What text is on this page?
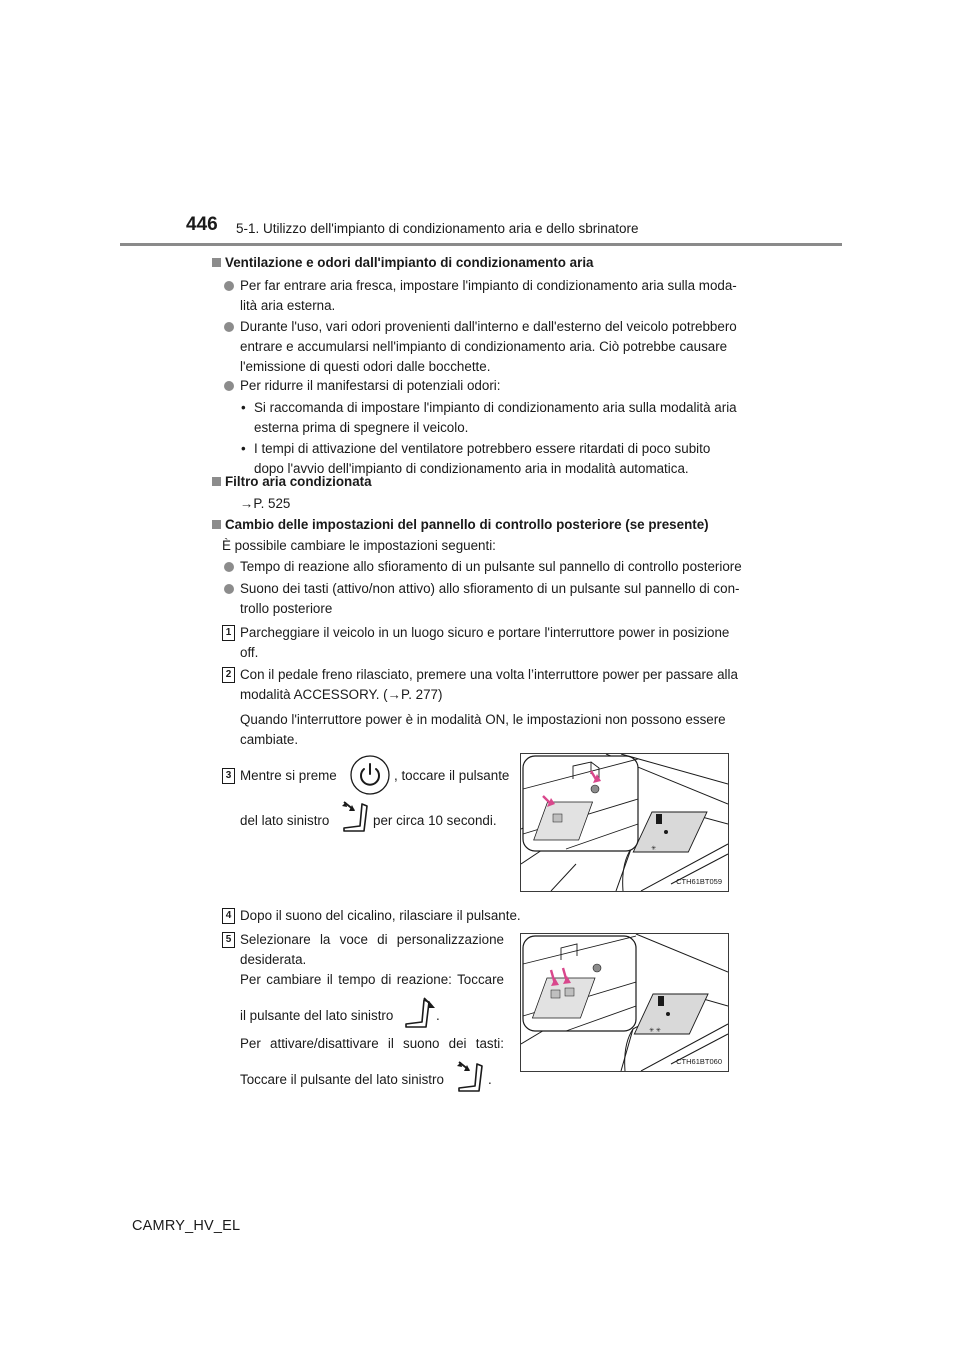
446 5-1. Utilizzo dell'impianto di condizionamento aria e dello sbrinatore
Ventilazione e odori dall'impianto di condizionamento aria
Per far entrare aria fresca, impostare l'impianto di condizionamento aria sulla moda-
lità aria esterna.
Durante l'uso, vari odori provenienti dall'interno e dall'esterno del veicolo potrebbero
entrare e accumularsi nell'impianto di condizionamento aria. Ciò potrebbe causare
l'emissione di questi odori dalle bocchette.
Per ridurre il manifestarsi di potenziali odori:
• Si raccomanda di impostare l'impianto di condizionamento aria sulla modalità aria
esterna prima di spegnere il veicolo.
• I tempi di attivazione del ventilatore potrebbero essere ritardati di poco subito
dopo l'avvio dell'impianto di condizionamento aria in modalità automatica.
Filtro aria condizionata
→P. 525
Cambio delle impostazioni del pannello di controllo posteriore (se presente)
È possibile cambiare le impostazioni seguenti:
Tempo di reazione allo sfioramento di un pulsante sul pannello di controllo posteriore
Suono dei tasti (attivo/non attivo) allo sfioramento di un pulsante sul pannello di con-
trollo posteriore
1 Parcheggiare il veicolo in un luogo sicuro e portare l'interruttore power in posizione
off.
2 Con il pedale freno rilasciato, premere una volta l’interruttore power per passare alla
modalità ACCESSORY. (→P. 277)
Quando l'interruttore power è in modalità ON, le impostazioni non possono essere
cambiate.
3 Mentre si preme	, toccare il pulsante
del lato sinistro	per circa 10 secondi.
✳
CTH61BT059
4 Dopo il suono del cicalino, rilasciare il pulsante.
5 Selezionare la voce di personalizzazione
desiderata.
Per cambiare il tempo di reazione: Toccare
il pulsante del lato sinistro	.
Per attivare/disattivare il suono dei tasti:
Toccare il pulsante del lato sinistro	.
✳ ✳
CTH61BT060
CAMRY_HV_EL
